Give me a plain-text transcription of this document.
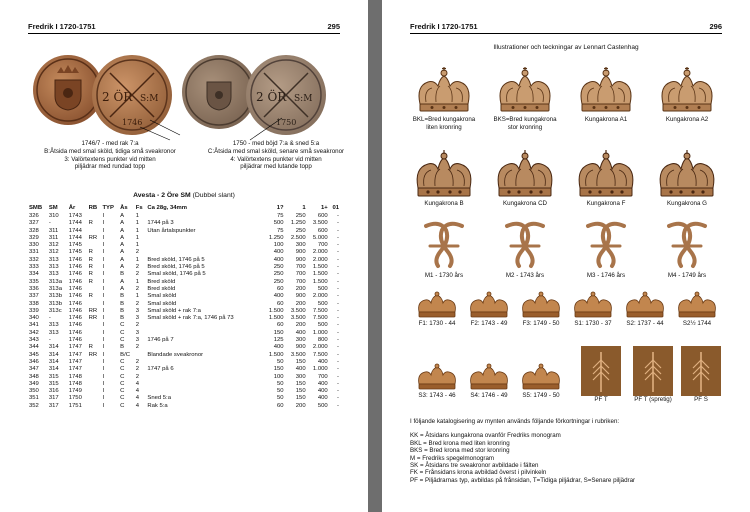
Fredrik I 1720-1751	295
2 ÖR S:M
1746
2 ÖR S:M
1750
1746/7 - med rak 7:a
B:Åtsida med smal sköld, tidiga små sveakronor
3: Valörtextens punkter vid mitten
piljädrar med rundad topp
1750 - med böjd 7:a & sned 5:a
C:Åtsida med smal sköld, senare små sveakronor
4: Valörtextens punkter vid mitten
piljädrar med lutande topp
Avesta - 2 Öre SM (Dubbel slant)
SMB	SM	År	RB	TYP	Ås	Fs	Ca 28g, 34mm	1?	1	1+	01
326	310	1743		I	A	1		75	250	600	-
327	-	1744	R	I	A	1	1744 på 3	500	1.250	3.500	-
328	311	1744		I	A	1	Utan årtalspunkter	75	250	600	-
329	311	1744	RR	I	A	1		1.250	2.500	5.000	-
330	312	1745		I	A	1		100	300	700	-
331	312	1745	R	I	A	2		400	900	2.000	-
332	313	1746	R	I	A	1	Bred sköld, 1746 på 5	400	900	2.000	-
333	313	1746	R	I	A	2	Bred sköld, 1746 på 5	250	700	1.500	-
334	313	1746	R	I	B	2	Smal sköld, 1746 på 5	250	700	1.500	-
335	313a	1746	R	I	A	1	Bred sköld	250	700	1.500	-
336	313a	1746		I	A	2	Bred sköld	60	200	500	-
337	313b	1746	R	I	B	1	Smal sköld	400	900	2.000	-
338	313b	1746		I	B	2	Smal sköld	60	200	500	-
339	313c	1746	RR	I	B	3	Smal sköld + rak 7:a	1.500	3.500	7.500	-
340	-	1746	RR	I	B	3	Smal sköld + rak 7:a, 1746 på 73	1.500	3.500	7.500	-
341	313	1746		I	C	2		60	200	500	-
342	313	1746		I	C	3		150	400	1.000	-
343	-	1746		I	C	3	1746 på 7	125	300	800	-
344	314	1747	R	I	B	2		400	900	2.000	-
345	314	1747	RR	I	B/C		Blandade sveakronor	1.500	3.500	7.500	-
346	314	1747		I	C	2		50	150	400	-
347	314	1747		I	C	2	1747 på 6	150	400	1.000	-
348	315	1748		I	C	2		100	300	700	-
349	315	1748		I	C	4		50	150	400	-
350	316	1749		I	C	4		50	150	400	-
351	317	1750		I	C	4	Sned 5:a	50	150	400	-
352	317	1751		I	C	4	Rak 5:a	60	200	500	-
Fredrik I 1720-1751	296
Illustrationer och teckningar av Lennart Castenhag
BKL=Bred kungakrona
liten kronring
BKS=Bred kungakrona
stor kronring
Kungakrona A1	Kungakrona A2
Kungakrona B	Kungakrona CD	Kungakrona F	Kungakrona G
M1 - 1730 års	M2 - 1743 års	M3 - 1746 års	M4 - 1749 års
F1: 1730 - 44	F2: 1743 - 49	F3: 1749 - 50	S1: 1730 - 37	S2: 1737 - 44	S2½ 1744
S3: 1743 - 46	S4: 1746 - 49	S5: 1749 - 50
PF T	PF T (spretig)	PF S
I följande katalogisering av mynten används följande förkortningar i rubriken:
KK = Åtsidans kungakrona ovanför Fredriks monogram
BKL = Bred krona med liten kronring
BKS = Bred krona med stor kronring
M = Fredriks spegelmonogram
SK = Åtsidans tre sveakronor avbildade i fälten
FK = Frånsidans krona avbildad överst i pilvinkeln
PF = Piljädrarnas typ, avbildas på frånsidan, T=Tidiga piljädrar, S=Senare piljädrar
